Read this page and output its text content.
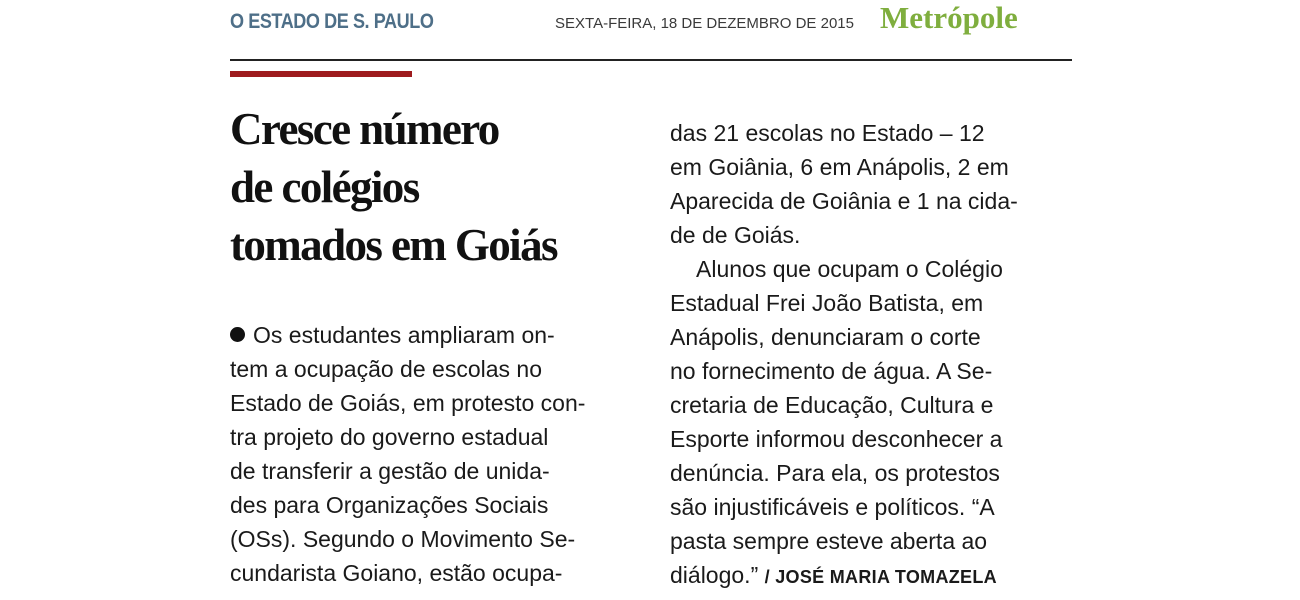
O ESTADO DE S. PAULO	SEXTA-FEIRA, 18 DE DEZEMBRO DE 2015 Metrópole
Cresce número
de colégios
tomados em Goiás
Os estudantes ampliaram on-
tem a ocupação de escolas no
Estado de Goiás, em protesto con-
tra projeto do governo estadual
de transferir a gestão de unida-
des para Organizações Sociais
(OSs). Segundo o Movimento Se-
cundarista Goiano, estão ocupa-
das 21 escolas no Estado – 12
em Goiânia, 6 em Anápolis, 2 em
Aparecida de Goiânia e 1 na cida-
de de Goiás.
Alunos que ocupam o Colégio
Estadual Frei João Batista, em
Anápolis, denunciaram o corte
no fornecimento de água. A Se-
cretaria de Educação, Cultura e
Esporte informou desconhecer a
denúncia. Para ela, os protestos
são injustificáveis e políticos. “A
pasta sempre esteve aberta ao
diálogo.” / JOSÉ MARIA TOMAZELA
